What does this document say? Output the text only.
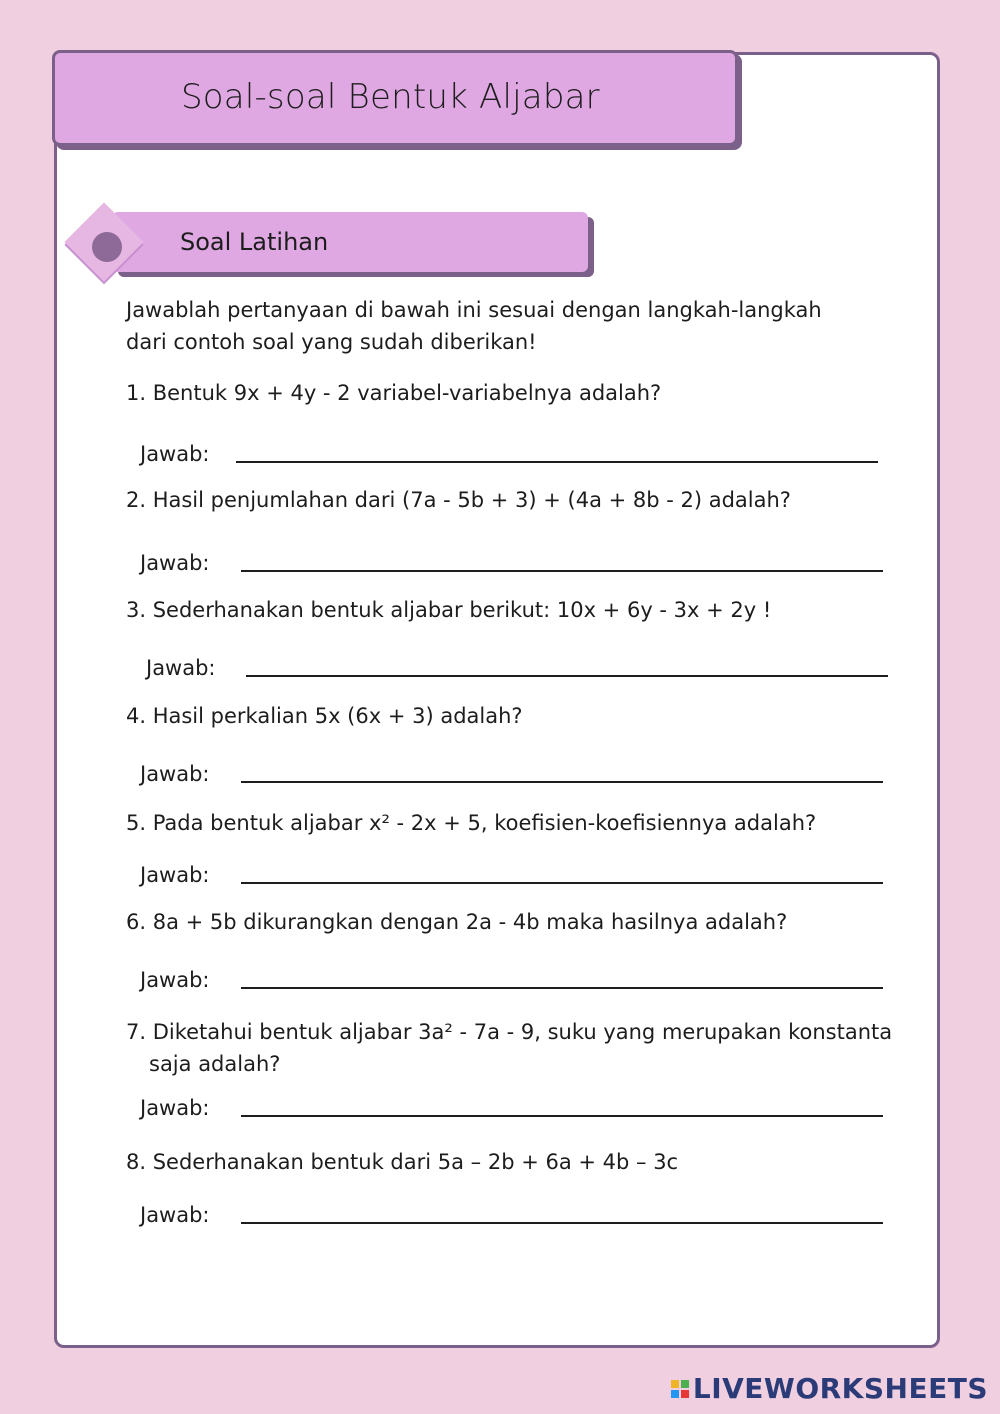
Soal-soal Bentuk Aljabar
Soal Latihan
Jawablah pertanyaan di bawah ini sesuai dengan langkah-langkah
dari contoh soal yang sudah diberikan!
1. Bentuk 9x + 4y - 2 variabel-variabelnya adalah?
Jawab:
2. Hasil penjumlahan dari (7a - 5b + 3) + (4a + 8b - 2) adalah?
Jawab:
3. Sederhanakan bentuk aljabar berikut: 10x + 6y - 3x + 2y !
Jawab:
4. Hasil perkalian 5x (6x + 3) adalah?
Jawab:
5. Pada bentuk aljabar x² - 2x + 5, koefisien-koefisiennya adalah?
Jawab:
6. 8a + 5b dikurangkan dengan 2a - 4b maka hasilnya adalah?
Jawab:
7. Diketahui bentuk aljabar 3a² - 7a - 9, suku yang merupakan konstanta
saja adalah?
Jawab:
8. Sederhanakan bentuk dari 5a – 2b + 6a + 4b – 3c
Jawab:
LIVEWORKSHEETS
